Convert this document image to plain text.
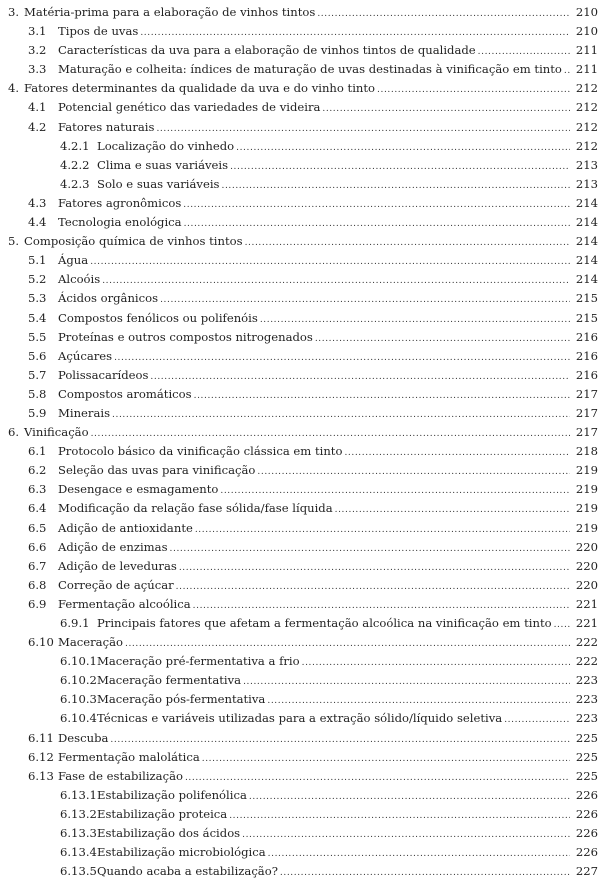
3. Matéria-prima para a elaboração de vinhos tintos .....	210
3.1 Tipos de uvas .....	210
3.2 Características da uva para a elaboração de vinhos tintos de qualidade .....	211
3.3 Maturação e colheita: índices de maturação de uvas destinadas à vinificação em tinto .....	211
4. Fatores determinantes da qualidade da uva e do vinho tinto .....	212
4.1 Potencial genético das variedades de videira .....	212
4.2 Fatores naturais .....	212
4.2.1 Localização do vinhedo .....	212
4.2.2 Clima e suas variáveis .....	213
4.2.3 Solo e suas variáveis .....	213
4.3 Fatores agronômicos .....	214
4.4 Tecnologia enológica .....	214
5. Composição química de vinhos tintos .....	214
5.1 Água .....	214
5.2 Alcoóis .....	214
5.3 Ácidos orgânicos .....	215
5.4 Compostos fenólicos ou polifenóis .....	215
5.5 Proteínas e outros compostos nitrogenados .....	216
5.6 Açúcares .....	216
5.7 Polissacarídeos .....	216
5.8 Compostos aromáticos .....	217
5.9 Minerais .....	217
6. Vinificação .....	217
6.1 Protocolo básico da vinificação clássica em tinto .....	218
6.2 Seleção das uvas para vinificação .....	219
6.3 Desengace e esmagamento .....	219
6.4 Modificação da relação fase sólida/fase líquida .....	219
6.5 Adição de antioxidante .....	219
6.6 Adição de enzimas .....	220
6.7 Adição de leveduras .....	220
6.8 Correção de açúcar .....	220
6.9 Fermentação alcoólica .....	221
6.9.1 Principais fatores que afetam a fermentação alcoólica na vinificação em tinto .....	221
6.10 Maceração .....	222
6.10.1 Maceração pré-fermentativa a frio .....	222
6.10.2 Maceração fermentativa .....	223
6.10.3 Maceração pós-fermentativa .....	223
6.10.4 Técnicas e variáveis utilizadas para a extração sólido/líquido seletiva .....	223
6.11 Descuba .....	225
6.12 Fermentação malolática .....	225
6.13 Fase de estabilização .....	225
6.13.1 Estabilização polifenólica .....	226
6.13.2 Estabilização proteica .....	226
6.13.3 Estabilização dos ácidos .....	226
6.13.4 Estabilização microbiológica .....	226
6.13.5 Quando acaba a estabilização? .....	227
